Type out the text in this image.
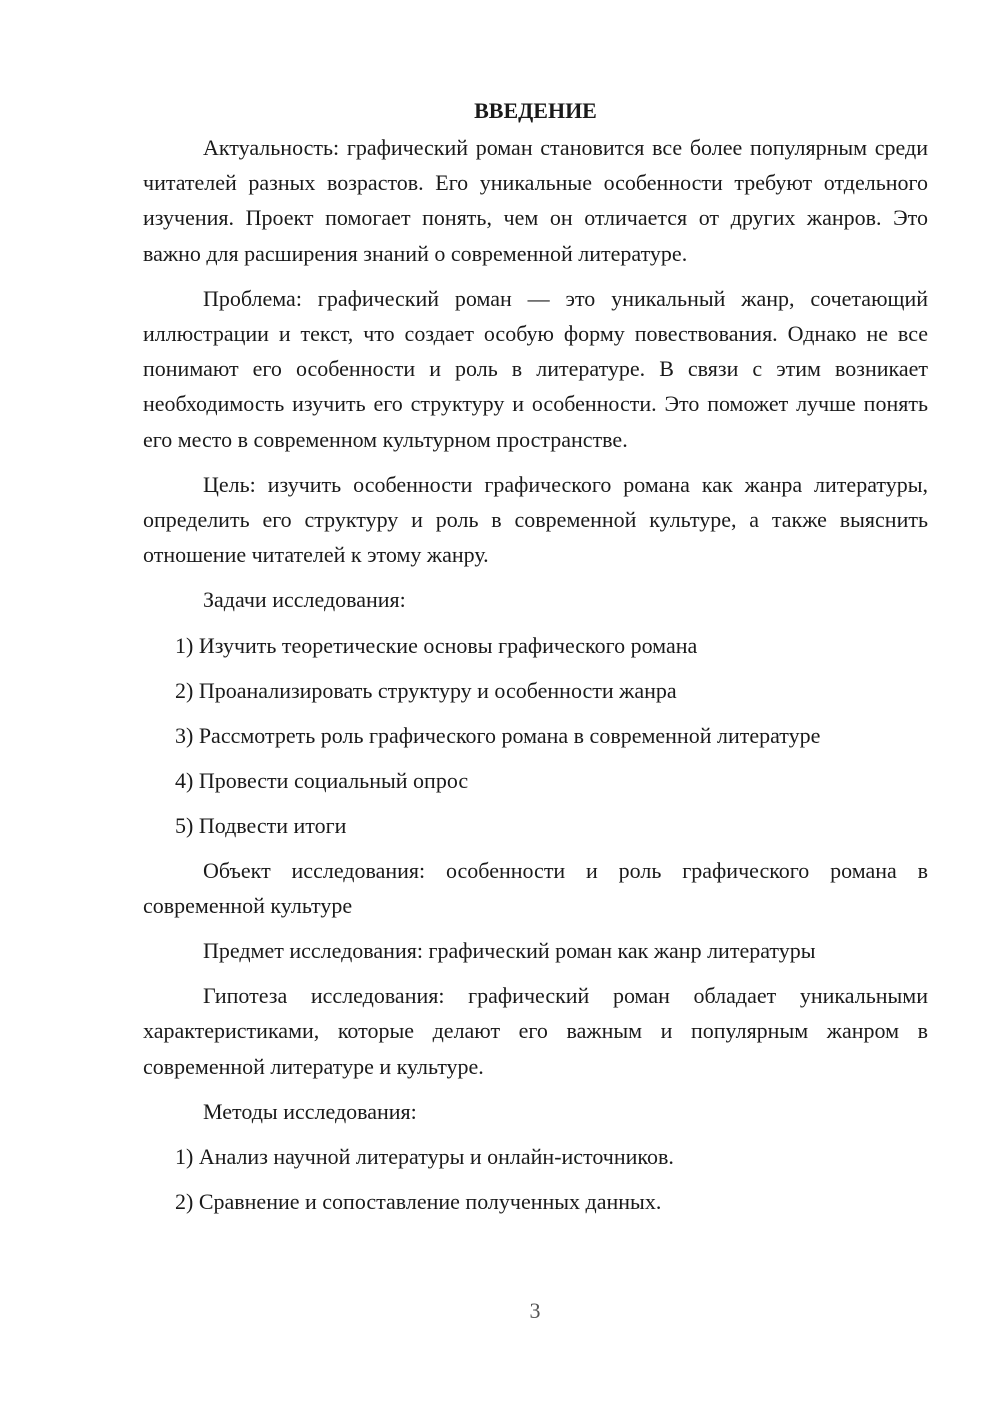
ВВЕДЕНИЕ

Актуальность: графический роман становится все более популярным среди читателей разных возрастов. Его уникальные особенности требуют отдельного изучения. Проект помогает понять, чем он отличается от других жанров. Это важно для расширения знаний о современной литературе.

Проблема: графический роман — это уникальный жанр, сочетающий иллюстрации и текст, что создает особую форму повествования. Однако не все понимают его особенности и роль в литературе. В связи с этим возникает необходимость изучить его структуру и особенности. Это поможет лучше понять его место в современном культурном пространстве.

Цель: изучить особенности графического романа как жанра литературы, определить его структуру и роль в современной культуре, а также выяснить отношение читателей к этому жанру.

Задачи исследования:

1) Изучить теоретические основы графического романа

2) Проанализировать структуру и особенности жанра

3) Рассмотреть роль графического романа в современной литературе

4) Провести социальный опрос

5) Подвести итоги

Объект исследования: особенности и роль графического романа в современной культуре

Предмет исследования: графический роман как жанр литературы

Гипотеза исследования: графический роман обладает уникальными характеристиками, которые делают его важным и популярным жанром в современной литературе и культуре.

Методы исследования:

1) Анализ научной литературы и онлайн-источников.

2) Сравнение и сопоставление полученных данных.

3
